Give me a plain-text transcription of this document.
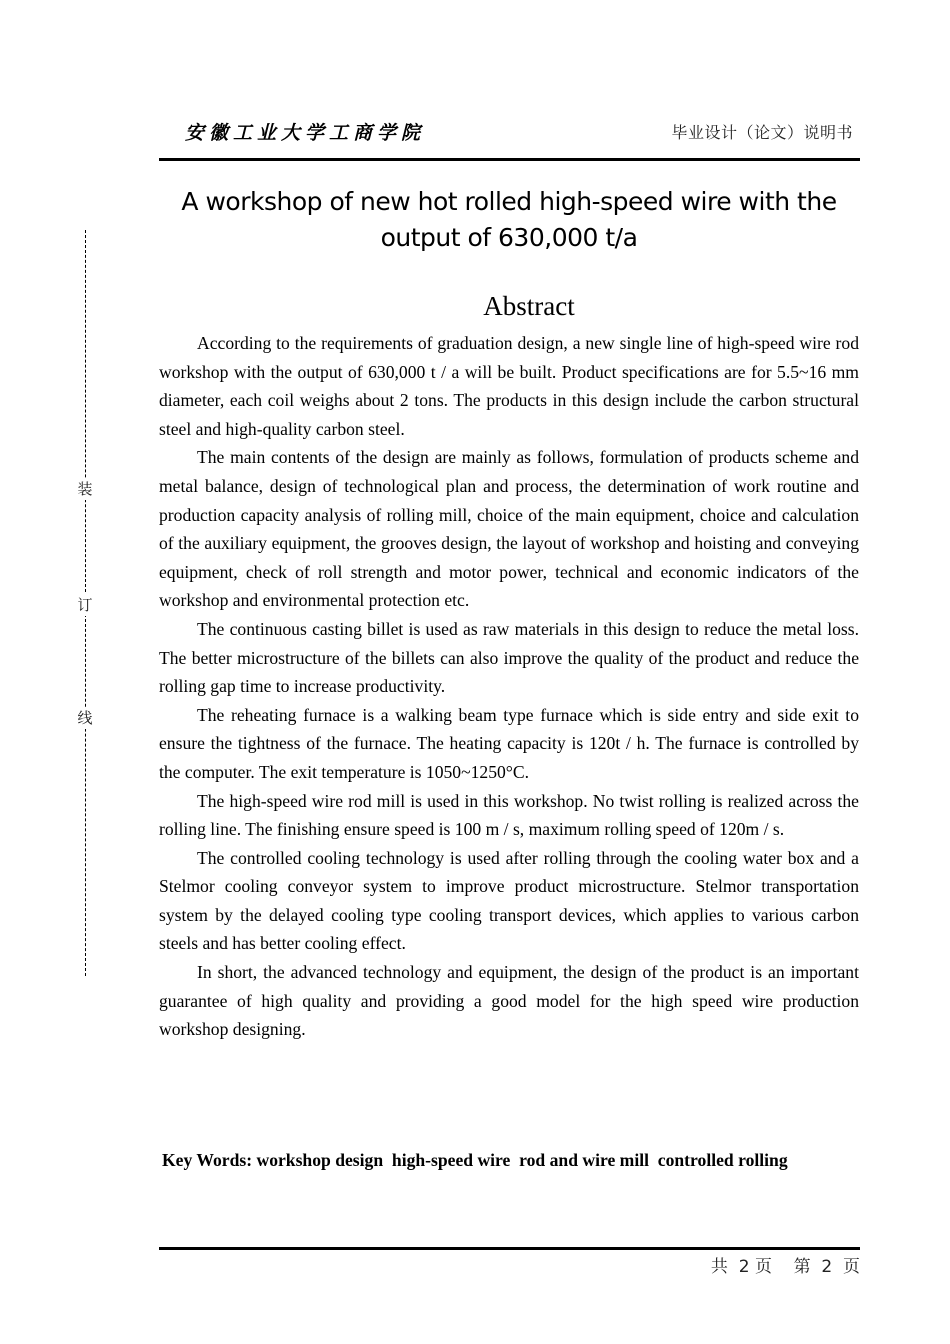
安徽工业大学工商学院	毕业设计（论文）说明书
装
订
线
A workshop of new hot rolled high-speed wire with the
output of 630,000 t/a
Abstract

According to the requirements of graduation design, a new single line of high-speed wire rod workshop with the output of 630,000 t / a will be built. Product specifications are for 5.5~16 mm diameter, each coil weighs about 2 tons. The products in this design include the carbon structural steel and high-quality carbon steel.

The main contents of the design are mainly as follows, formulation of products scheme and metal balance, design of technological plan and process, the determination of work routine and production capacity analysis of rolling mill, choice of the main equipment, choice and calculation of the auxiliary equipment, the grooves design, the layout of workshop and hoisting and conveying equipment, check of roll strength and motor power, technical and economic indicators of the workshop and environmental protection etc.

The continuous casting billet is used as raw materials in this design to reduce the metal loss. The better microstructure of the billets can also improve the quality of the product and reduce the rolling gap time to increase productivity.

The reheating furnace is a walking beam type furnace which is side entry and side exit to ensure the tightness of the furnace. The heating capacity is 120t / h. The furnace is controlled by the computer. The exit temperature is 1050~1250°C.

The high-speed wire rod mill is used in this workshop. No twist rolling is realized across the rolling line. The finishing ensure speed is 100 m / s, maximum rolling speed of 120m / s.

The controlled cooling technology is used after rolling through the cooling water box and a Stelmor cooling conveyor system to improve product microstructure. Stelmor transportation system by the delayed cooling type cooling transport devices, which applies to various carbon steels and has better cooling effect.

In short, the advanced technology and equipment, the design of the product is an important guarantee of high quality and providing a good model for the high speed wire production workshop designing.

Key Words: workshop design  high-speed wire  rod and wire mill  controlled rolling
共  2 页    第  2  页
